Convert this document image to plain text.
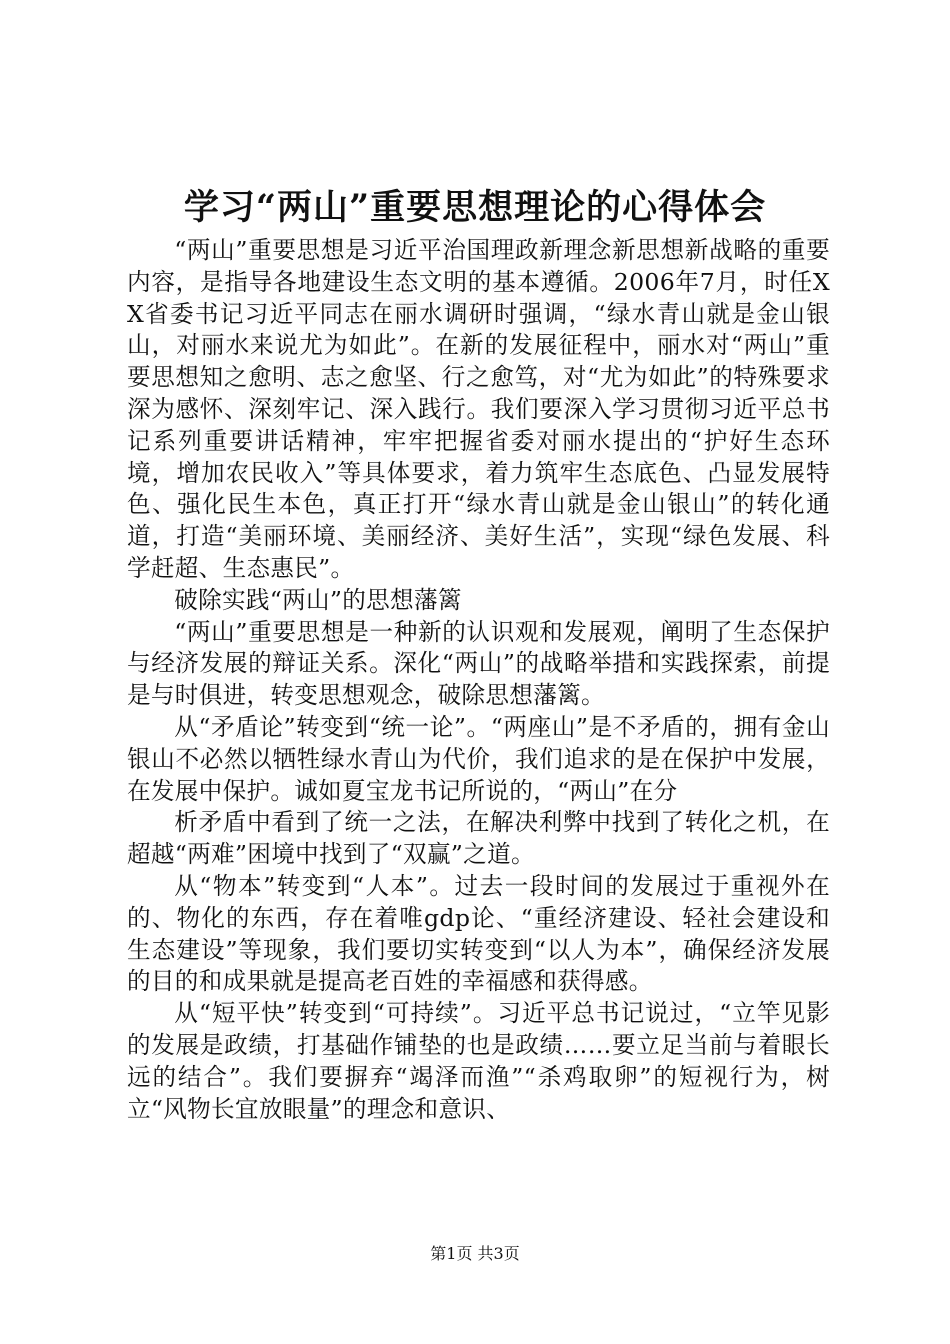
学习“两山”重要思想理论的心得体会

“两山”重要思想是习近平治国理政新理念新思想新战略的重要内容，是指导各地建设生态文明的基本遵循。2006年7月，时任XX省委书记习近平同志在丽水调研时强调，“绿水青山就是金山银山，对丽水来说尤为如此”。在新的发展征程中，丽水对“两山”重要思想知之愈明、志之愈坚、行之愈笃，对“尤为如此”的特殊要求深为感怀、深刻牢记、深入践行。我们要深入学习贯彻习近平总书记系列重要讲话精神，牢牢把握省委对丽水提出的“护好生态环境，增加农民收入”等具体要求，着力筑牢生态底色、凸显发展特色、强化民生本色，真正打开“绿水青山就是金山银山”的转化通道，打造“美丽环境、美丽经济、美好生活”，实现“绿色发展、科学赶超、生态惠民”。

破除实践“两山”的思想藩篱

“两山”重要思想是一种新的认识观和发展观，阐明了生态保护与经济发展的辩证关系。深化“两山”的战略举措和实践探索，前提是与时俱进，转变思想观念，破除思想藩篱。

从“矛盾论”转变到“统一论”。“两座山”是不矛盾的，拥有金山银山不必然以牺牲绿水青山为代价，我们追求的是在保护中发展，在发展中保护。诚如夏宝龙书记所说的，“两山”在分

析矛盾中看到了统一之法，在解决利弊中找到了转化之机，在超越“两难”困境中找到了“双赢”之道。

从“物本”转变到“人本”。过去一段时间的发展过于重视外在的、物化的东西，存在着唯gdp论、“重经济建设、轻社会建设和生态建设”等现象，我们要切实转变到“以人为本”，确保经济发展的目的和成果就是提高老百姓的幸福感和获得感。

从“短平快”转变到“可持续”。习近平总书记说过，“立竿见影的发展是政绩，打基础作铺垫的也是政绩……要立足当前与着眼长远的结合”。我们要摒弃“竭泽而渔”“杀鸡取卵”的短视行为，树立“风物长宜放眼量”的理念和意识、

第1页 共3页
